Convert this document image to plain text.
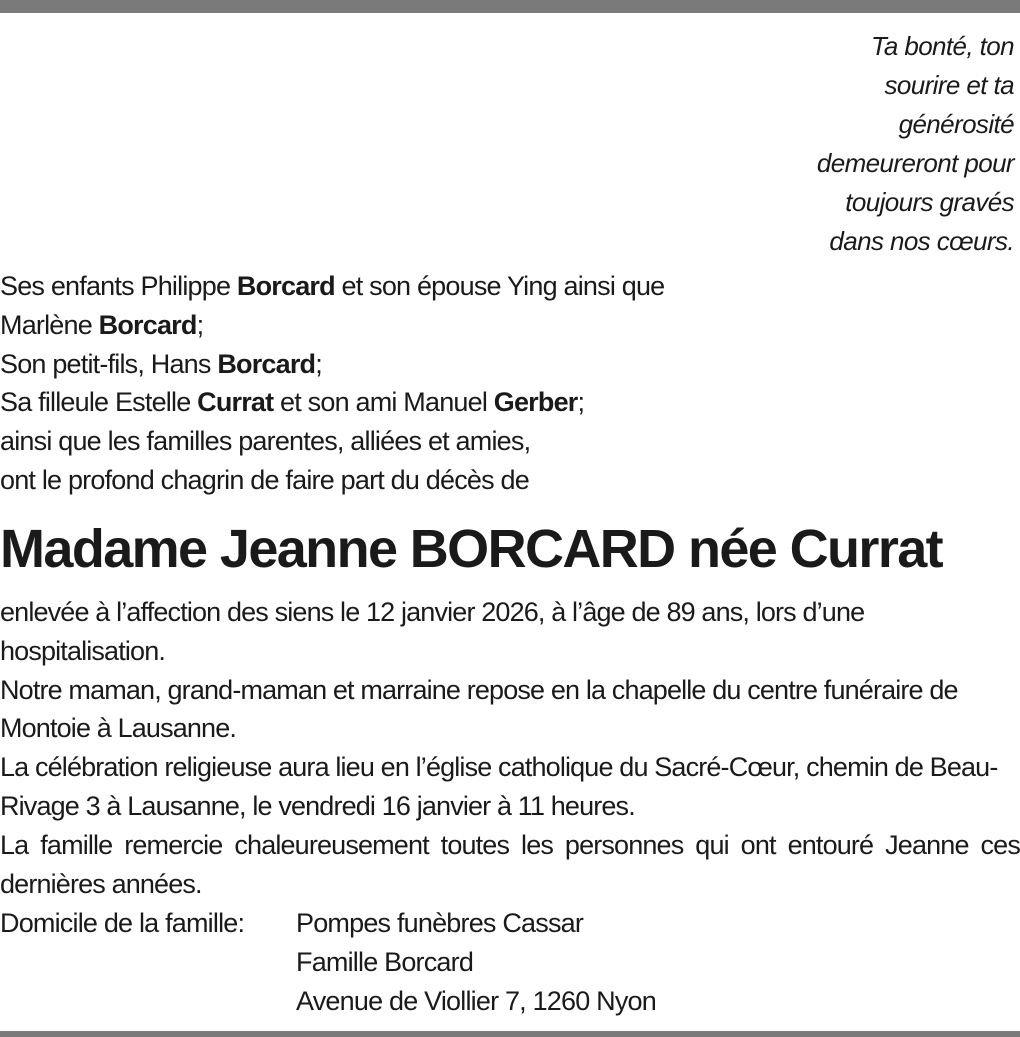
Ta bonté, ton
sourire et ta
générosité
demeureront pour
toujours gravés
dans nos cœurs.
Ses enfants Philippe Borcard et son épouse Ying ainsi que
Marlène Borcard;
Son petit-fils, Hans Borcard;
Sa filleule Estelle Currat et son ami Manuel Gerber;
ainsi que les familles parentes, alliées et amies,
ont le profond chagrin de faire part du décès de
Madame Jeanne BORCARD née Currat
enlevée à l’affection des siens le 12 janvier 2026, à l’âge de 89 ans, lors d’une hospitalisation.
Notre maman, grand-maman et marraine repose en la chapelle du centre funéraire de Montoie à Lausanne.
La célébration religieuse aura lieu en l’église catholique du Sacré-Cœur, chemin de Beau-Rivage 3 à Lausanne, le vendredi 16 janvier à 11 heures.
La famille remercie chaleureusement toutes les personnes qui ont entouré Jeanne ces dernières années.
Domicile de la famille: Pompes funèbres Cassar
Famille Borcard
Avenue de Viollier 7, 1260 Nyon
